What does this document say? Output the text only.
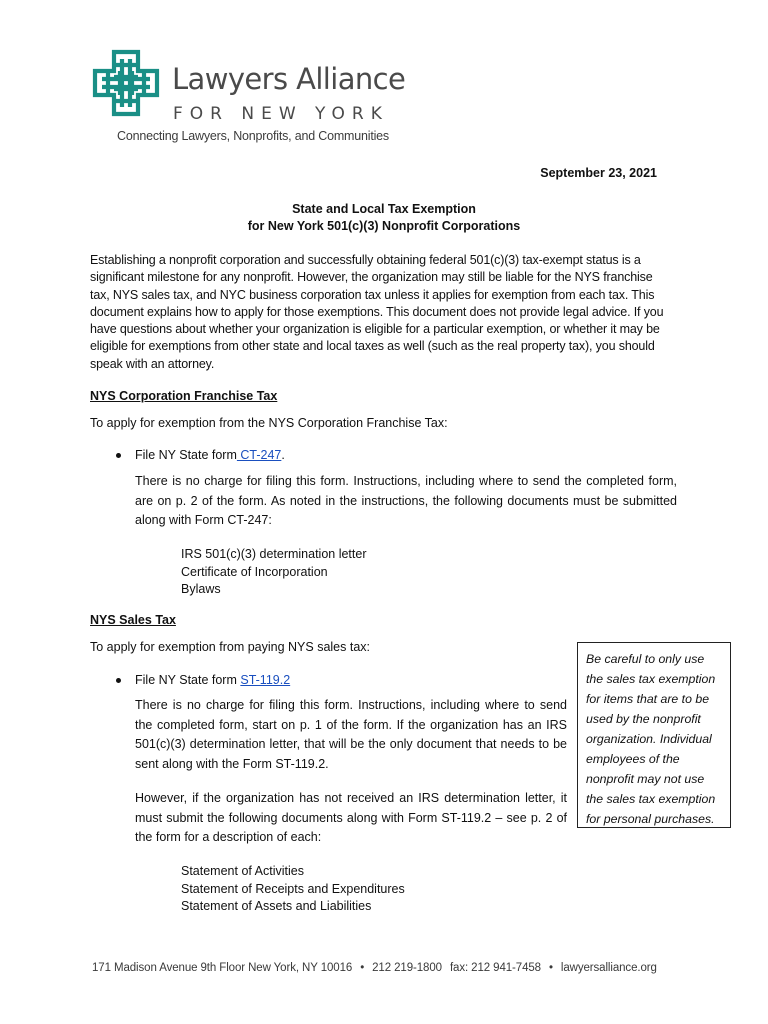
Lawyers Alliance
FOR NEW YORK
Connecting Lawyers, Nonprofits, and Communities
September 23, 2021
State and Local Tax Exemption
for New York 501(c)(3) Nonprofit Corporations

Establishing a nonprofit corporation and successfully obtaining federal 501(c)(3) tax-exempt status is a significant milestone for any nonprofit. However, the organization may still be liable for the NYS franchise tax, NYS sales tax, and NYC business corporation tax unless it applies for exemption from each tax. This document explains how to apply for those exemptions. This document does not provide legal advice. If you have questions about whether your organization is eligible for a particular exemption, or whether it may be eligible for exemptions from other state and local taxes as well (such as the real property tax), you should speak with an attorney.

NYS Corporation Franchise Tax
To apply for exemption from the NYS Corporation Franchise Tax:
File NY State form CT-247.

There is no charge for filing this form. Instructions, including where to send the completed form, are on p. 2 of the form. As noted in the instructions, the following documents must be submitted along with Form CT-247:

IRS 501(c)(3) determination letter
Certificate of Incorporation
Bylaws
NYS Sales Tax
To apply for exemption from paying NYS sales tax:
File NY State form ST-119.2

There is no charge for filing this form. Instructions, including where to send the completed form, start on p. 1 of the form. If the organization has an IRS 501(c)(3) determination letter, that will be the only document that needs to be sent along with the Form ST-119.2.

However, if the organization has not received an IRS determination letter, it must submit the following documents along with Form ST-119.2 – see p. 2 of the form for a description of each:

Statement of Activities
Statement of Receipts and Expenditures
Statement of Assets and Liabilities

Be careful to only use the sales tax exemption for items that are to be used by the nonprofit organization. Individual employees of the nonprofit may not use the sales tax exemption for personal purchases.

171 Madison Avenue 9th Floor New York, NY 10016 • 212 219-1800 fax: 212 941-7458 • lawyersalliance.org
